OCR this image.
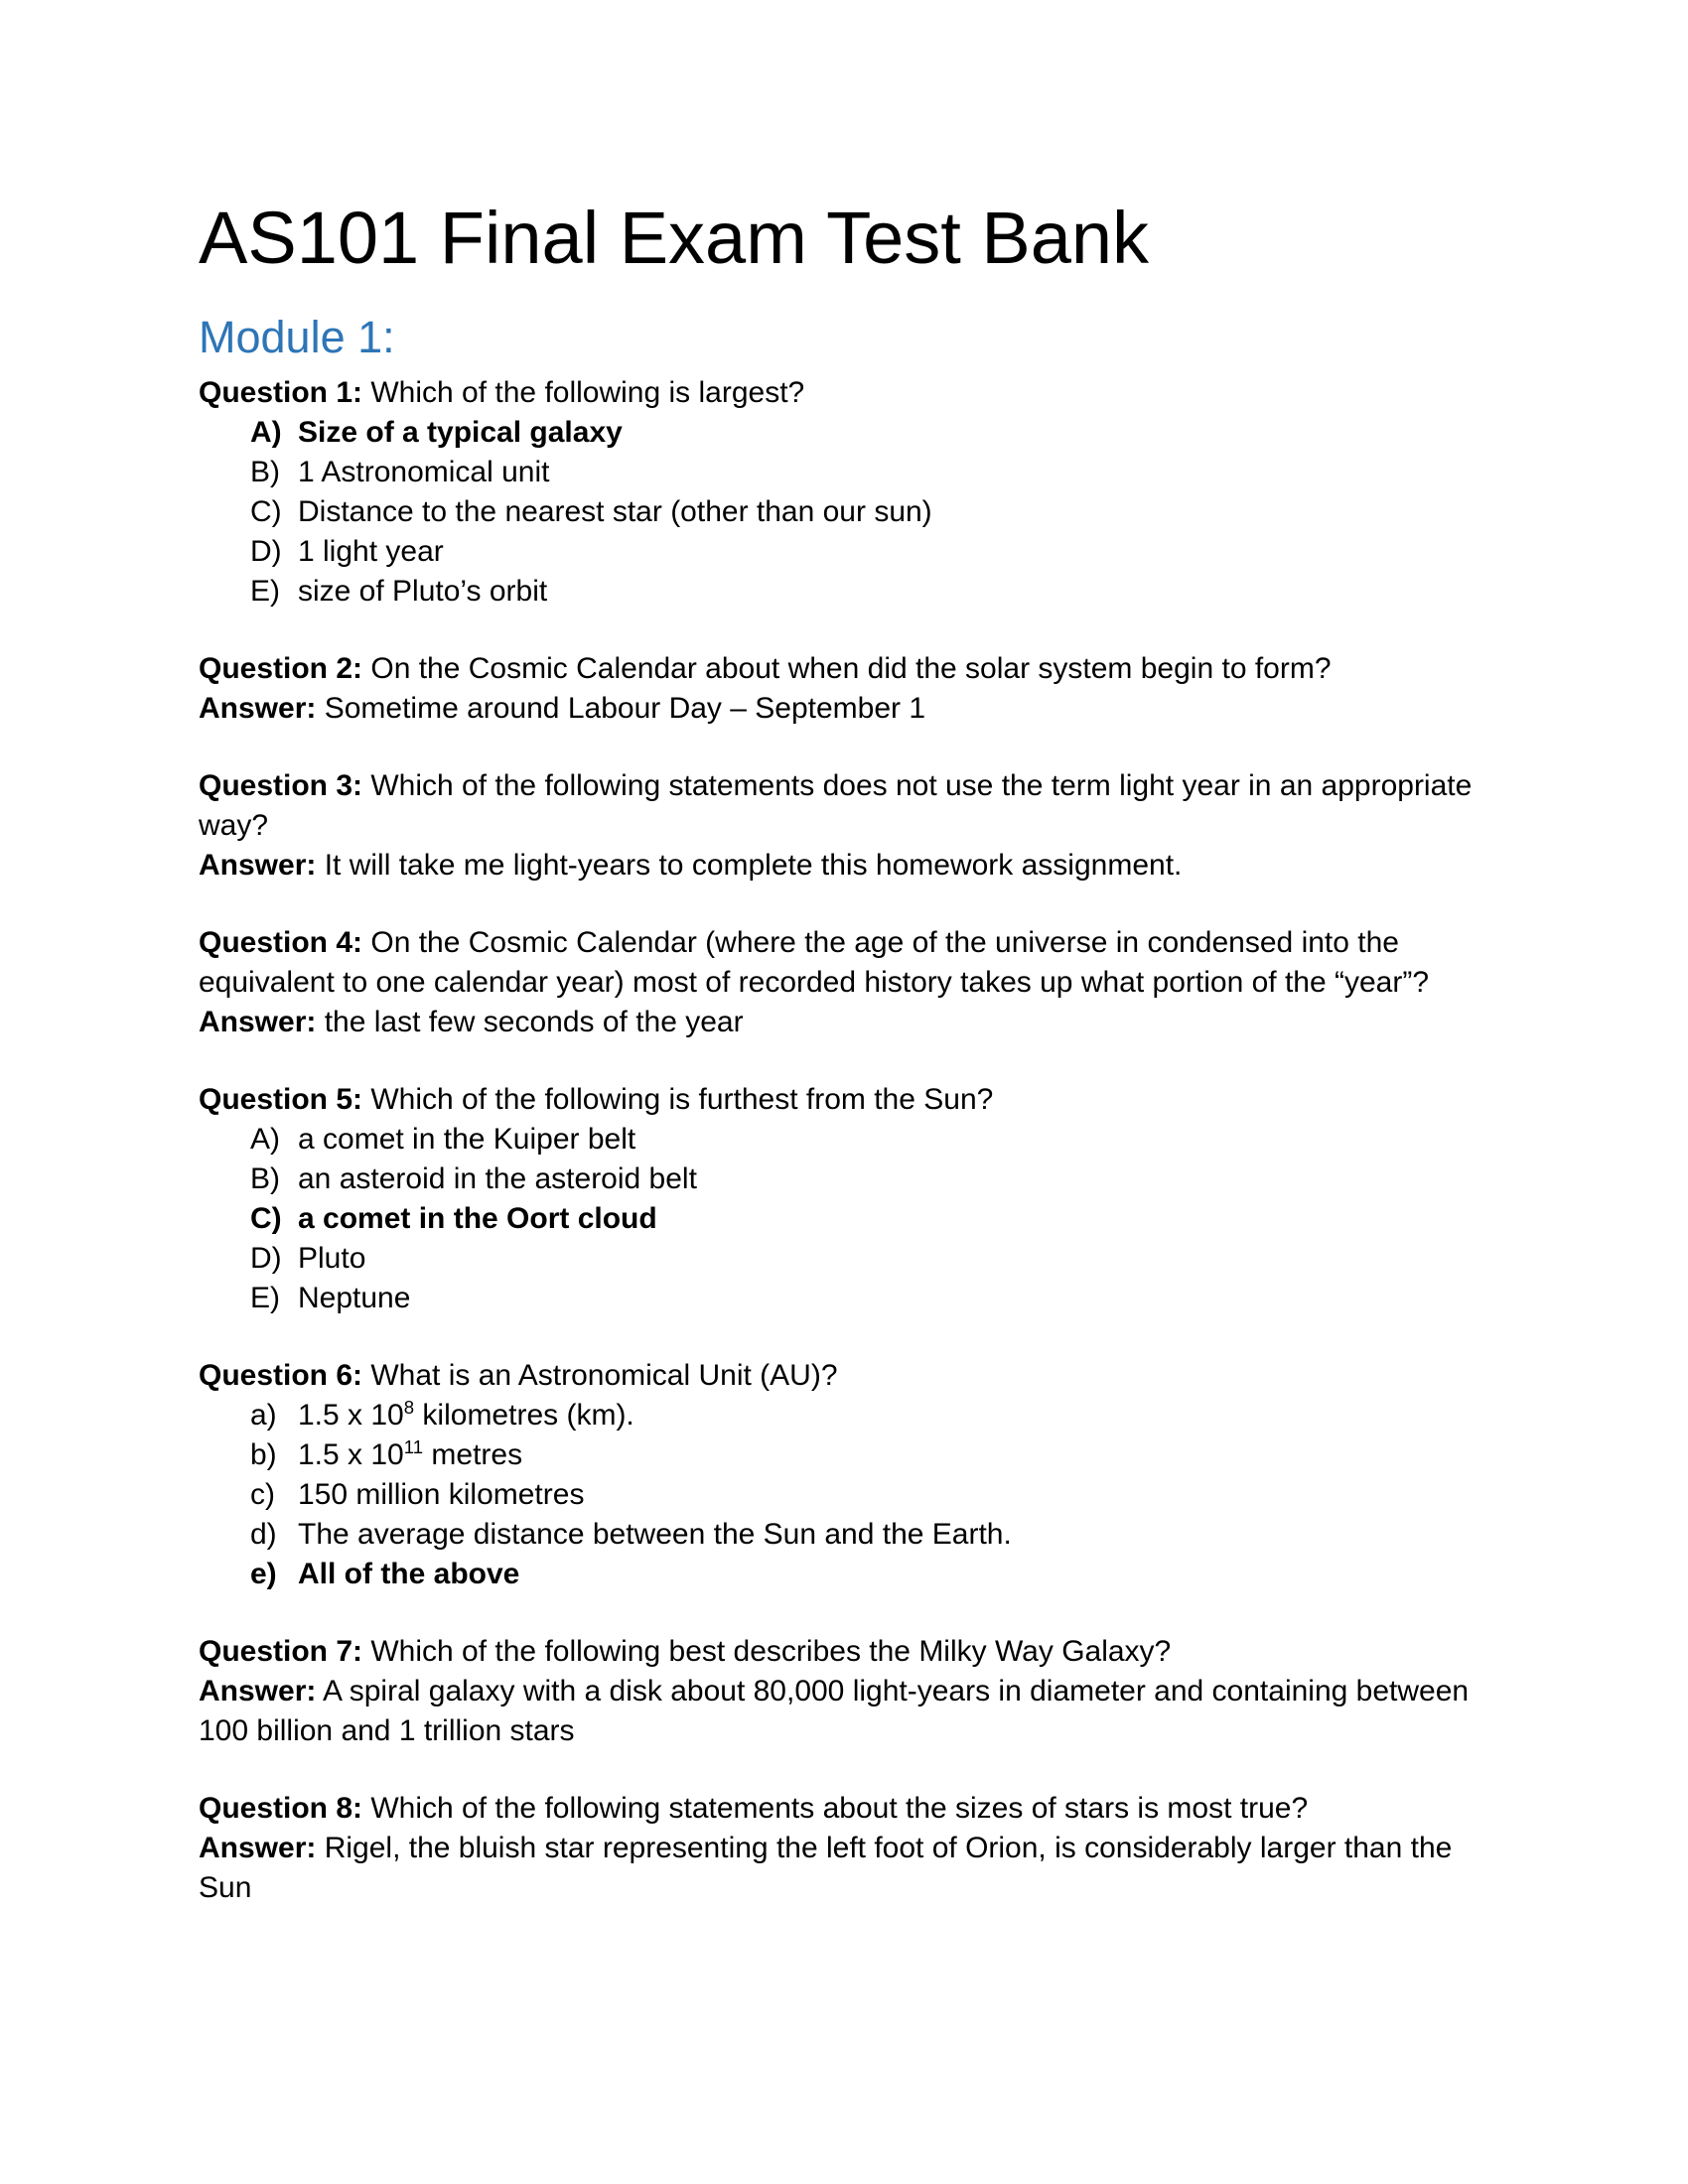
AS101 Final Exam Test Bank
Module 1:

Question 1: Which of the following is largest?

A) Size of a typical galaxy
B) 1 Astronomical unit
C) Distance to the nearest star (other than our sun)
D) 1 light year
E) size of Pluto’s orbit

Question 2: On the Cosmic Calendar about when did the solar system begin to form?

Answer: Sometime around Labour Day – September 1

Question 3: Which of the following statements does not use the term light year in an appropriate way?

Answer: It will take me light-years to complete this homework assignment.

Question 4: On the Cosmic Calendar (where the age of the universe in condensed into the equivalent to one calendar year) most of recorded history takes up what portion of the “year”?

Answer: the last few seconds of the year

Question 5: Which of the following is furthest from the Sun?

A) a comet in the Kuiper belt
B) an asteroid in the asteroid belt
C) a comet in the Oort cloud
D) Pluto
E) Neptune

Question 6: What is an Astronomical Unit (AU)?

a) 1.5 x $10^8$ kilometres (km).
b) 1.5 x $10^{11}$ metres
c) 150 million kilometres
d) The average distance between the Sun and the Earth.
e) All of the above

Question 7: Which of the following best describes the Milky Way Galaxy?

Answer: A spiral galaxy with a disk about 80,000 light-years in diameter and containing between 100 billion and 1 trillion stars

Question 8: Which of the following statements about the sizes of stars is most true?

Answer: Rigel, the bluish star representing the left foot of Orion, is considerably larger than the Sun
